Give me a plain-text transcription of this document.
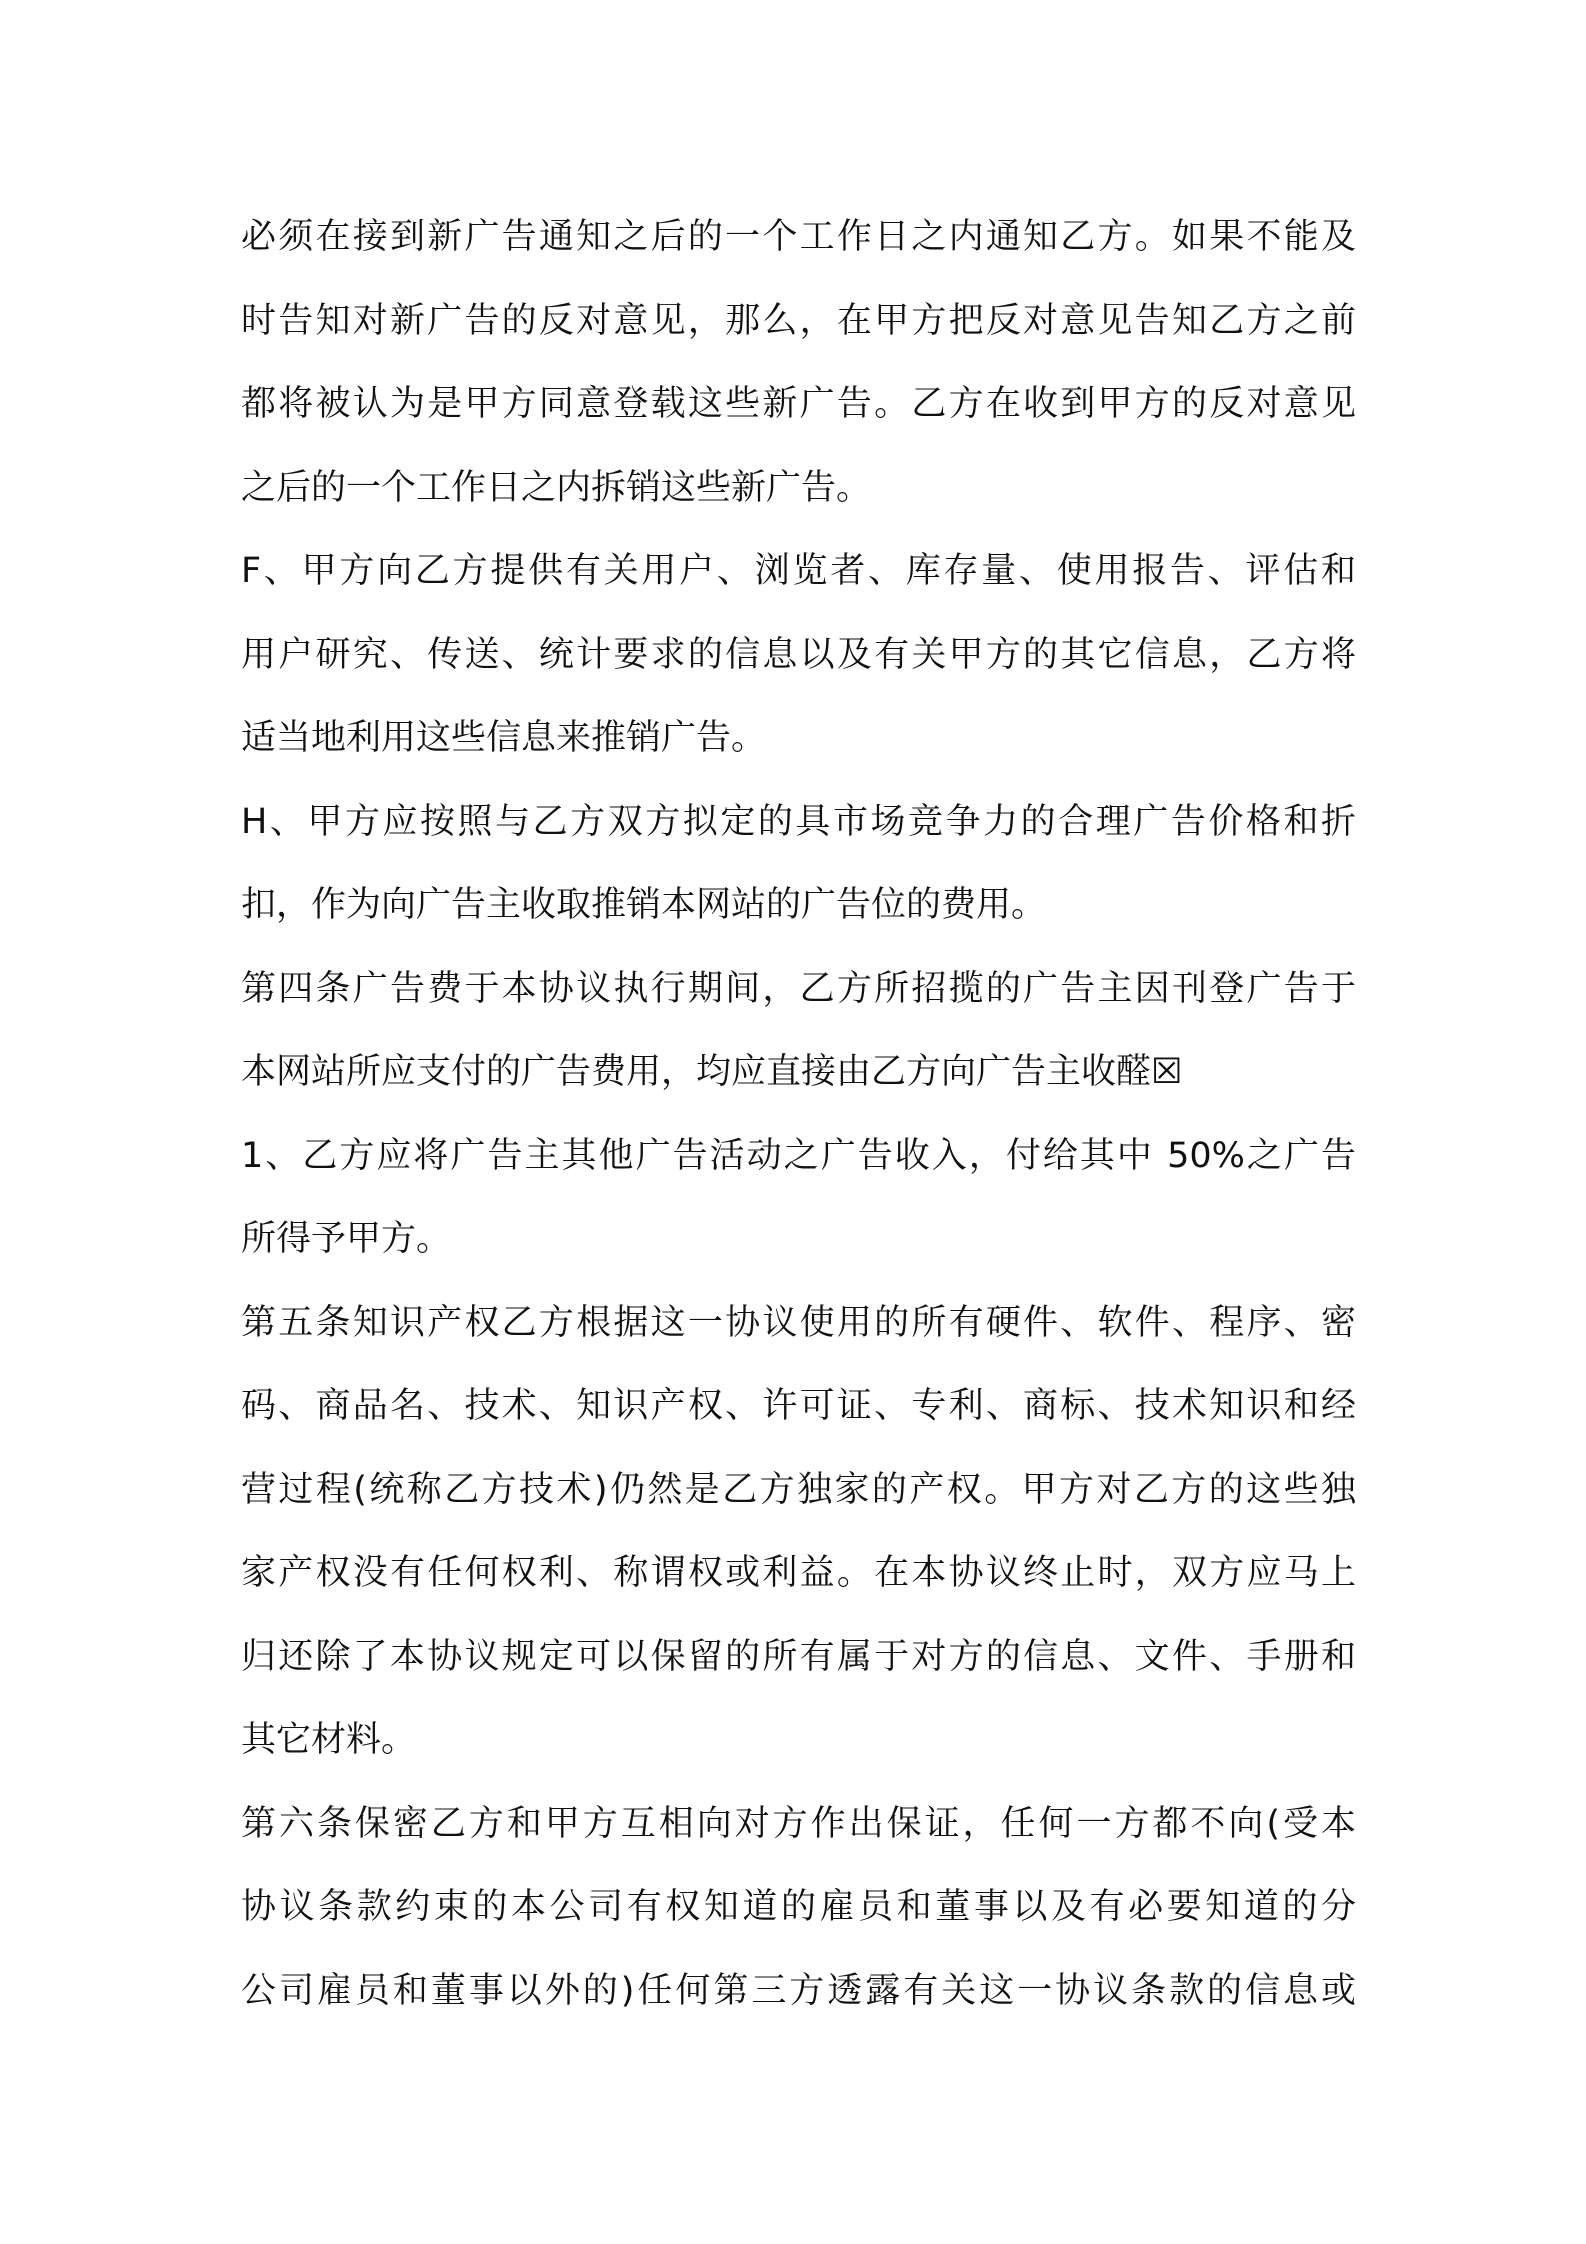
必须在接到新广告通知之后的一个工作日之内通知乙方。如果不能及
时告知对新广告的反对意见，那么，在甲方把反对意见告知乙方之前
都将被认为是甲方同意登载这些新广告。乙方在收到甲方的反对意见
之后的一个工作日之内拆销这些新广告。
F、甲方向乙方提供有关用户、浏览者、库存量、使用报告、评估和
用户研究、传送、统计要求的信息以及有关甲方的其它信息，乙方将
适当地利用这些信息来推销广告。
H、甲方应按照与乙方双方拟定的具市场竞争力的合理广告价格和折
扣，作为向广告主收取推销本网站的广告位的费用。
第四条广告费于本协议执行期间，乙方所招揽的广告主因刊登广告于
本网站所应支付的广告费用，均应直接由乙方向广告主收醛☒
1、乙方应将广告主其他广告活动之广告收入，付给其中 50%之广告
所得予甲方。
第五条知识产权乙方根据这一协议使用的所有硬件、软件、程序、密
码、商品名、技术、知识产权、许可证、专利、商标、技术知识和经
营过程(统称乙方技术)仍然是乙方独家的产权。甲方对乙方的这些独
家产权没有任何权利、称谓权或利益。在本协议终止时，双方应马上
归还除了本协议规定可以保留的所有属于对方的信息、文件、手册和
其它材料。
第六条保密乙方和甲方互相向对方作出保证，任何一方都不向(受本
协议条款约束的本公司有权知道的雇员和董事以及有必要知道的分
公司雇员和董事以外的)任何第三方透露有关这一协议条款的信息或
